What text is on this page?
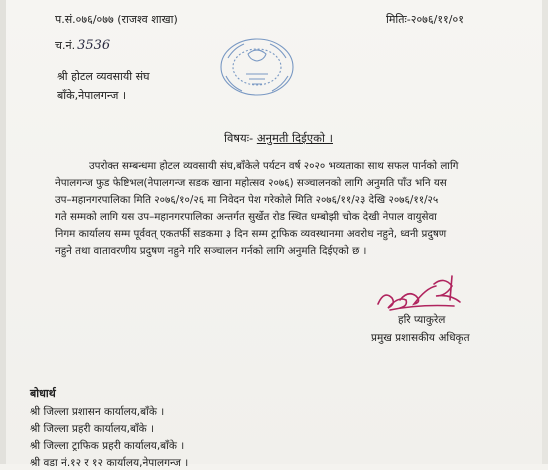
प.सं.०७६/०७७ (राजश्व शाखा)	मितिः-२०७६/११/०१
च.नं. 3536
श्री होटल व्यवसायी संघ
बाँके,नेपालगन्ज ।
विषयः- अनुमती दिईएको ।
उपरोक्त सम्बन्धमा होटल व्यवसायी संघ,बाँकेले पर्यटन वर्ष २०२० भव्यताका साथ सफल पार्नको लागि
नेपालगन्ज फुड फेष्टिभल(नेपालगन्ज सडक खाना महोत्सव २०७६) सञ्चालनको लागि अनुमति पाँउ भनि यस
उप–महानगरपालिका मिति २०७६/१०/२६ मा निवेदन पेश गरेकोले मिति २०७६/११/२३ देखि २०७६/११/२५
गते सम्मको लागि यस उप–महानगरपालिका अन्तर्गत सुर्खेत रोड स्थित धम्बोझी चोक देखी नेपाल वायुसेवा
निगम कार्यालय सम्म पूर्ववत् एकतर्फी सडकमा ३ दिन सम्म ट्राफिक व्यवस्थानमा अवरोध नहुने, ध्वनी प्रदुषण
नहुने तथा वातावरणीय प्रदुषण नहुने गरि सञ्चालन गर्नको लागि अनुमति दिईएको छ ।
हरि प्याकुरेल
प्रमुख प्रशासकीय अधिकृत
बोधार्थ
श्री जिल्ला प्रशासन कार्यालय,बाँके ।
श्री जिल्ला प्रहरी कार्यालय,बाँके ।
श्री जिल्ला ट्राफिक प्रहरी कार्यालय,बाँके ।
श्री वडा नं.१२ र १२ कार्यालय,नेपालगन्ज ।
